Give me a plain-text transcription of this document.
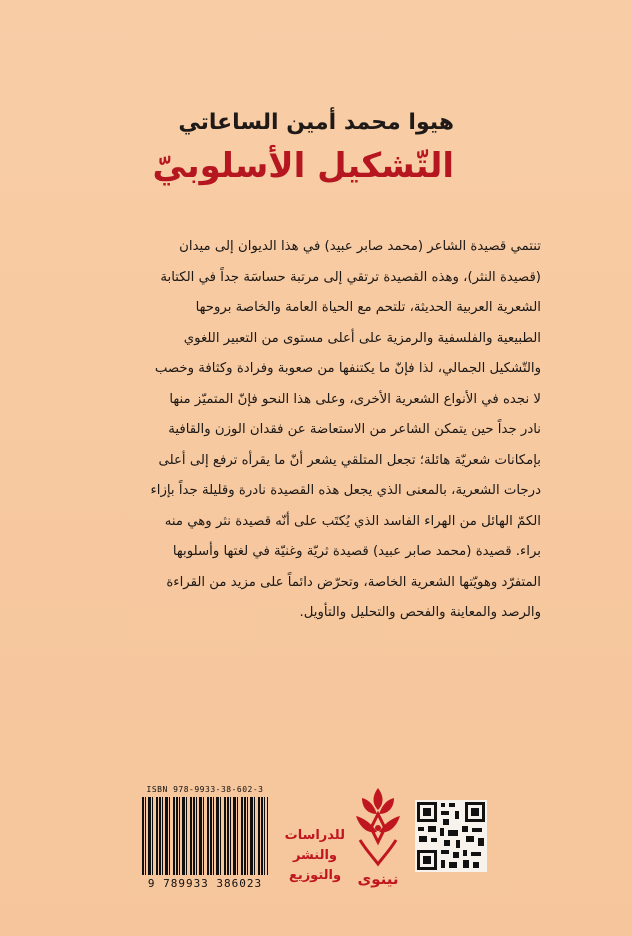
هيوا محمد أمين الساعاتي
التّشكيل الأسلوبيّ
تنتمي قصيدة الشاعر (محمد صابر عبيد) في هذا الديوان إلى ميدان
(قصيدة النثر)، وهذه القصيدة ترتقي إلى مرتبة حساسَة جداً في الكتابة
الشعرية العربية الحديثة، تلتحم مع الحياة العامة والخاصة بروحها
الطبيعية والفلسفية والرمزية على أعلى مستوى من التعبير اللغوي
والتّشكيل الجمالي، لذا فإنّ ما يكتنفها من صعوبة وفرادة وكثافة وخصب
لا نجده في الأنواع الشعرية الأخرى، وعلى هذا النحو فإنّ المتميّز منها
نادر جداً حين يتمكن الشاعر من الاستعاضة عن فقدان الوزن والقافية
بإمكانات شعريّة هائلة؛ تجعل المتلقي يشعر أنّ ما يقرأه ترفع إلى أعلى
درجات الشعرية، بالمعنى الذي يجعل هذه القصيدة نادرة وقليلة جداً بإزاء
الكمّ الهائل من الهراء الفاسد الذي يُكتَب على أنّه قصيدة نثر وهي منه
براء. قصيدة (محمد صابر عبيد) قصيدة ثريّة وغنيّة في لغتها وأسلوبها
المتفرّد وهويّتها الشعرية الخاصة، وتحرّض دائماً على مزيد من القراءة
والرصد والمعاينة والفحص والتحليل والتأويل.
ISBN 978-9933-38-602-3
9 789933 386023
للدراسات
والنشر
والتوزيع	نينوى
